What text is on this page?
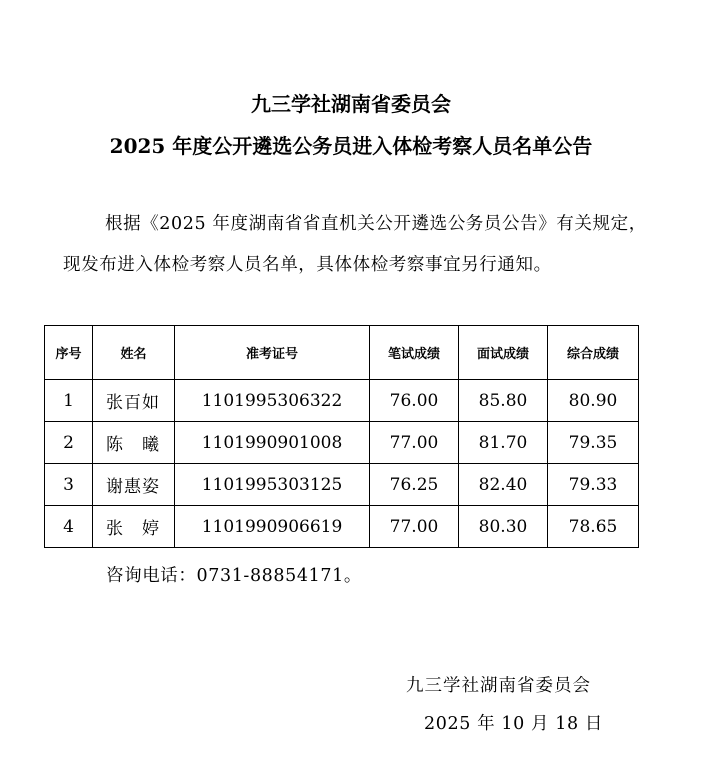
九三学社湖南省委员会
2025 年度公开遴选公务员进入体检考察人员名单公告
根据《2025 年度湖南省省直机关公开遴选公务员公告》有关规定，现发布进入体检考察人员名单，具体体检考察事宜另行通知。
序号	姓名	准考证号	笔试成绩	面试成绩	综合成绩
1	张百如	1101995306322	76.00	85.80	80.90
2	陈　曦	1101990901008	77.00	81.70	79.35
3	谢惠姿	1101995303125	76.25	82.40	79.33
4	张　婷	1101990906619	77.00	80.30	78.65
咨询电话：0731-88854171。
九三学社湖南省委员会
2025 年 10 月 18 日
